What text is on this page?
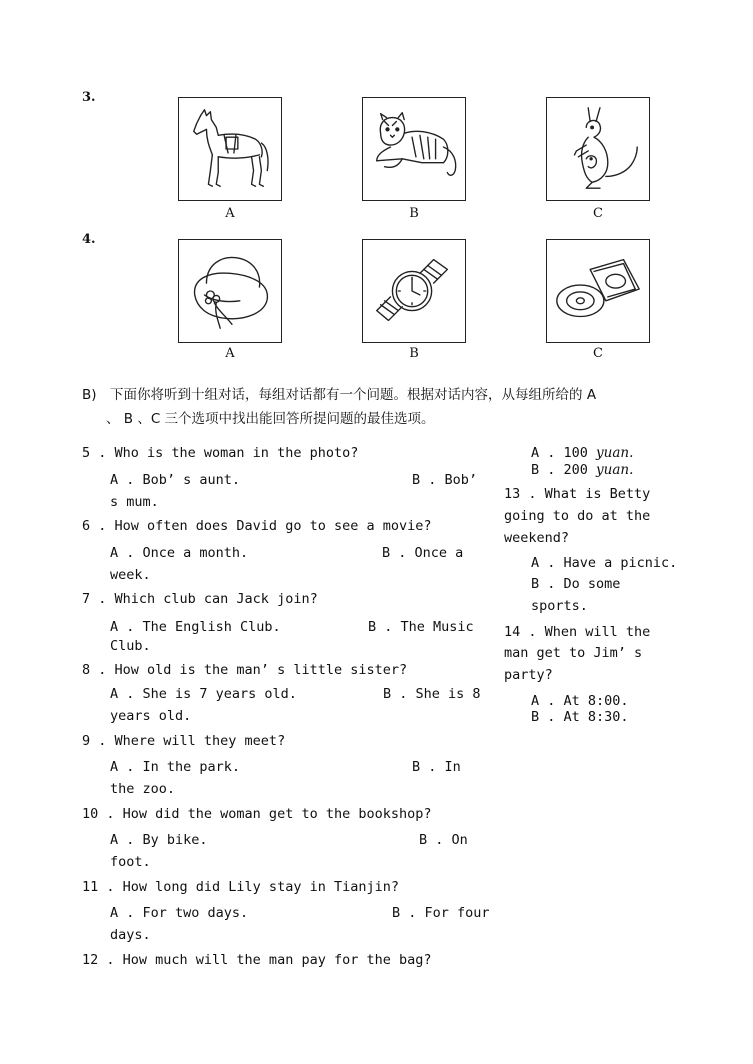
3.
A	B	C
4.
A	B	C
B)　下面你将听到十组对话，每组对话都有一个问题。根据对话内容，从每组所给的 A
、 B 、C 三个选项中找出能回答所提问题的最佳选项。
5 . Who is the woman in the photo?
A . Bob’ s aunt.	B . Bob’
s mum.
6 . How often does David go to see a movie?
A . Once a month.	B . Once a
week.
7 . Which club can Jack join?
A . The English Club.	B . The Music
Club.
8 . How old is the man’ s little sister?
A . She is 7 years old.	B . She is 8
years old.
9 . Where will they meet?
A . In the park.	B . In
the zoo.
10 . How did the woman get to the bookshop?
A . By bike.	B . On
foot.
11 . How long did Lily stay in Tianjin?
A . For two days.	B . For four
days.
12 . How much will the man pay for the bag?
A . 100 yuan.
B . 200 yuan.
13 . What is Betty
going to do at the
weekend?
A . Have a picnic.
B . Do some
sports.
14 . When will the
man get to Jim’ s
party?
A . At 8:00.
B . At 8:30.
